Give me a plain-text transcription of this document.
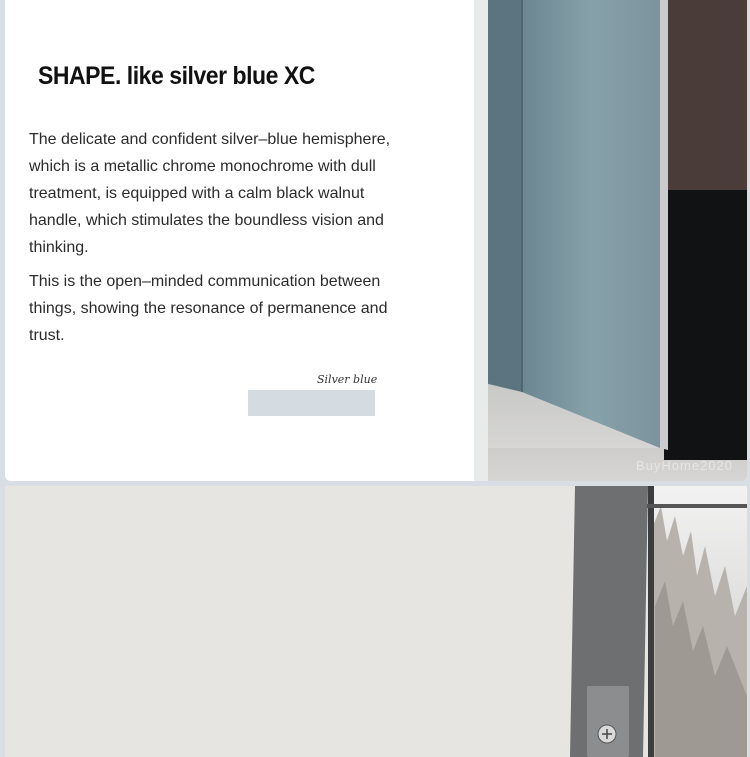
SHAPE. like silver blue XC

The delicate and confident silver–blue hemisphere, which is a metallic chrome monochrome with dull treatment, is equipped with a calm black walnut handle, which stimulates the boundless vision and thinking.

This is the open–minded communication between things, showing the resonance of permanence and trust.

Silver blue
BuyHome2020
